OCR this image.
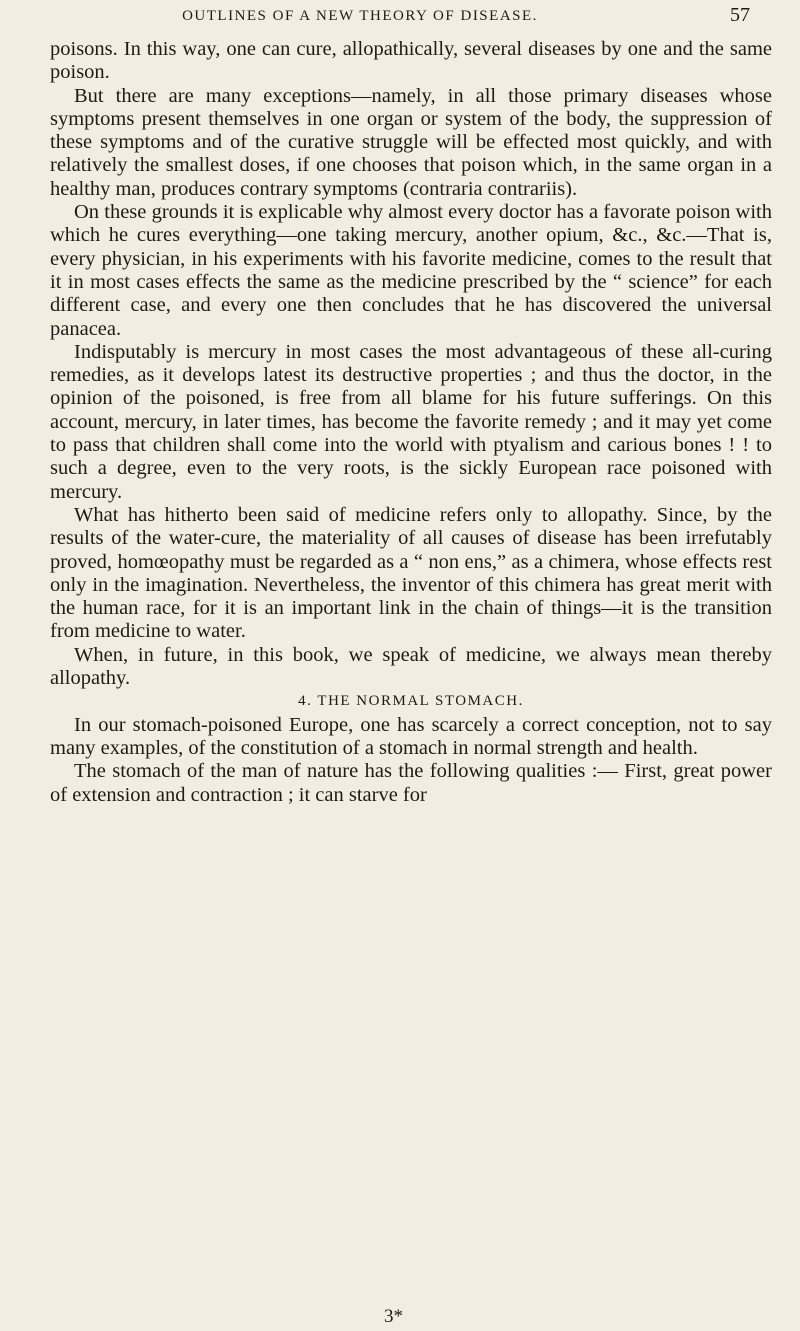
OUTLINES OF A NEW THEORY OF DISEASE.	57

poisons. In this way, one can cure, allopathically, several diseases by one and the same poison.

But there are many exceptions—namely, in all those primary diseases whose symptoms present themselves in one organ or system of the body, the suppression of these symptoms and of the curative struggle will be effected most quickly, and with relatively the smallest doses, if one chooses that poison which, in the same organ in a healthy man, produces contrary symptoms (contraria contrariis).

On these grounds it is explicable why almost every doctor has a favorate poison with which he cures everything—one taking mercury, another opium, &c., &c.—That is, every physician, in his experiments with his favorite medicine, comes to the result that it in most cases effects the same as the medicine prescribed by the “ science” for each different case, and every one then concludes that he has discovered the universal panacea.

Indisputably is mercury in most cases the most advantageous of these all-curing remedies, as it develops latest its destructive properties ; and thus the doctor, in the opinion of the poisoned, is free from all blame for his future sufferings. On this account, mercury, in later times, has become the favorite remedy ; and it may yet come to pass that children shall come into the world with ptyalism and carious bones ! ! to such a degree, even to the very roots, is the sickly European race poisoned with mercury.

What has hitherto been said of medicine refers only to allopathy. Since, by the results of the water-cure, the materiality of all causes of disease has been irrefutably proved, homœopathy must be regarded as a “ non ens,” as a chimera, whose effects rest only in the imagination. Nevertheless, the inventor of this chimera has great merit with the human race, for it is an important link in the chain of things—it is the transition from medicine to water.

When, in future, in this book, we speak of medicine, we always mean thereby allopathy.

4. THE NORMAL STOMACH.

In our stomach-poisoned Europe, one has scarcely a correct conception, not to say many examples, of the constitution of a stomach in normal strength and health.

The stomach of the man of nature has the following qualities :— First, great power of extension and contraction ; it can starve for

3*
